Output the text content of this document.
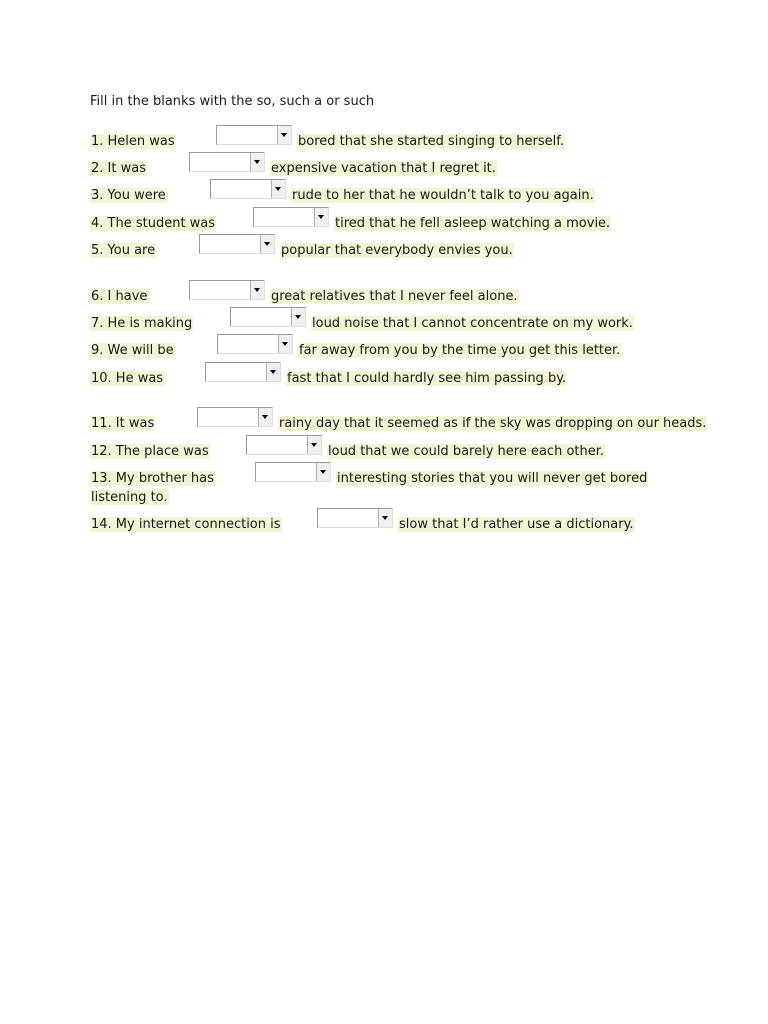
Fill in the blanks with the so, such a or such
1. Helen was	bored that she started singing to herself.
2. It was	expensive vacation that I regret it.
3. You were	rude to her that he wouldn’t talk to you again.
4. The student was	tired that he fell asleep watching a movie.
5. You are	popular that everybody envies you.
6. I have	great relatives that I never feel alone.
7. He is making	loud noise that I cannot concentrate on my work.
9. We will be	far away from you by the time you get this letter.
10. He was	fast that I could hardly see him passing by.
11. It was	rainy day that it seemed as if the sky was dropping on our heads.
12. The place was	loud that we could barely here each other.
13. My brother has	interesting stories that you will never get bored
listening to.
14. My internet connection is	slow that I’d rather use a dictionary.
